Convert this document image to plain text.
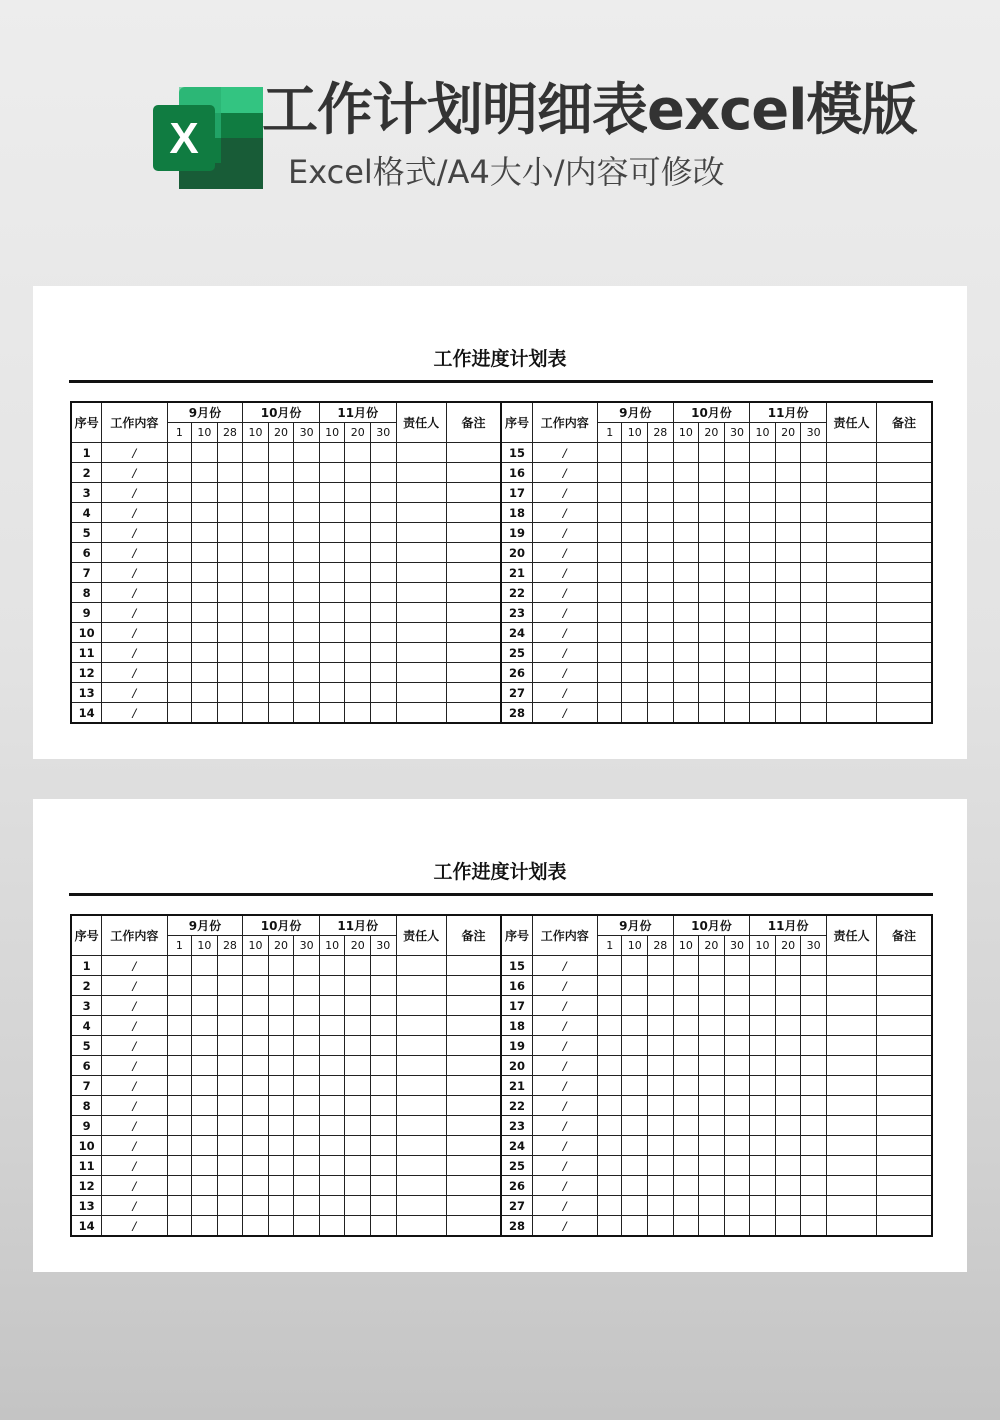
X 工作计划明细表excel模版

Excel格式/A4大小/内容可修改

工作进度计划表
序号	工作内容	9月份			10月份			11月份			责任人	备注	序号	工作内容	9月份			10月份			11月份			责任人	备注
		1	10	28	10	20	30	10	20	30					1	10	28	10	20	30	10	20	30		
1	/												15	/											
2	/												16	/											
3	/												17	/											
4	/												18	/											
5	/												19	/											
6	/												20	/											
7	/												21	/											
8	/												22	/											
9	/												23	/											
10	/												24	/											
11	/												25	/											
12	/												26	/											
13	/												27	/											
14	/												28	/											
工作进度计划表
序号	工作内容	9月份			10月份			11月份			责任人	备注	序号	工作内容	9月份			10月份			11月份			责任人	备注
		1	10	28	10	20	30	10	20	30					1	10	28	10	20	30	10	20	30		
1	/												15	/											
2	/												16	/											
3	/												17	/											
4	/												18	/											
5	/												19	/											
6	/												20	/											
7	/												21	/											
8	/												22	/											
9	/												23	/											
10	/												24	/											
11	/												25	/											
12	/												26	/											
13	/												27	/											
14	/												28	/											
